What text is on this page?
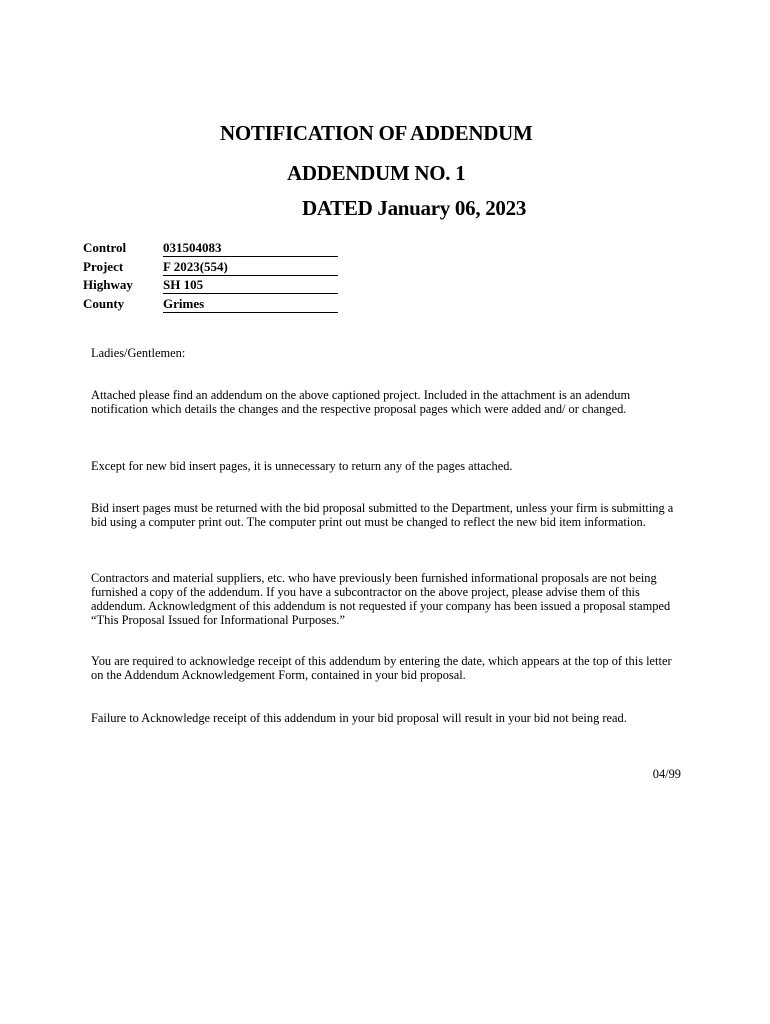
NOTIFICATION OF ADDENDUM
ADDENDUM NO. 1
DATED January 06, 2023
Control	031504083
Project	F 2023(554)
Highway SH 105
County	Grimes

Ladies/Gentlemen:

Attached please find an addendum on the above captioned project. Included in the attachment is an adendum notification which details the changes and the respective proposal pages which were added and/ or changed.

Except for new bid insert pages, it is unnecessary to return any of the pages attached.

Bid insert pages must be returned with the bid proposal submitted to the Department, unless your firm is submitting a bid using a computer print out. The computer print out must be changed to reflect the new bid item information.

Contractors and material suppliers, etc. who have previously been furnished informational proposals are not being furnished a copy of the addendum. If you have a subcontractor on the above project, please advise them of this addendum. Acknowledgment of this addendum is not requested if your company has been issued a proposal stamped “This Proposal Issued for Informational Purposes.”

You are required to acknowledge receipt of this addendum by entering the date, which appears at the top of this letter on the Addendum Acknowledgement Form, contained in your bid proposal.

Failure to Acknowledge receipt of this addendum in your bid proposal will result in your bid not being read.

04/99
